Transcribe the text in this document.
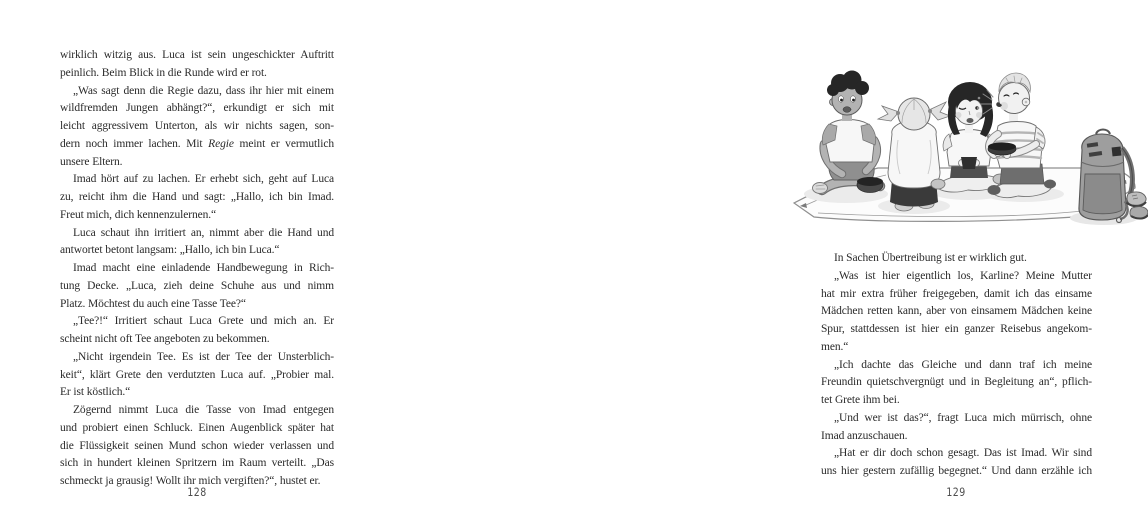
wirklich witzig aus. Luca ist sein ungeschickter Auftritt
peinlich. Beim Blick in die Runde wird er rot.
„Was sagt denn die Regie dazu, dass ihr hier mit einem
wildfremden Jungen abhängt?“, erkundigt er sich mit
leicht aggressivem Unterton, als wir nichts sagen, son-
dern noch immer lachen. Mit Regie meint er vermutlich
unsere Eltern.
Imad hört auf zu lachen. Er erhebt sich, geht auf Luca
zu, reicht ihm die Hand und sagt: „Hallo, ich bin Imad.
Freut mich, dich kennenzulernen.“
Luca schaut ihn irritiert an, nimmt aber die Hand und
antwortet betont langsam: „Hallo, ich bin Luca.“
Imad macht eine einladende Handbewegung in Rich-
tung Decke. „Luca, zieh deine Schuhe aus und nimm
Platz. Möchtest du auch eine Tasse Tee?“
„Tee?!“ Irritiert schaut Luca Grete und mich an. Er
scheint nicht oft Tee angeboten zu bekommen.
„Nicht irgendein Tee. Es ist der Tee der Unsterblich-
keit“, klärt Grete den verdutzten Luca auf. „Probier mal.
Er ist köstlich.“
Zögernd nimmt Luca die Tasse von Imad entgegen
und probiert einen Schluck. Einen Augenblick später hat
die Flüssigkeit seinen Mund schon wieder verlassen und
sich in hundert kleinen Spritzern im Raum verteilt. „Das
schmeckt ja grausig! Wollt ihr mich vergiften?“, hustet er.
128
In Sachen Übertreibung ist er wirklich gut.
„Was ist hier eigentlich los, Karline? Meine Mutter
hat mir extra früher freigegeben, damit ich das einsame
Mädchen retten kann, aber von einsamem Mädchen keine
Spur, stattdessen ist hier ein ganzer Reisebus angekom-
men.“
„Ich dachte das Gleiche und dann traf ich meine
Freundin quietschvergnügt und in Begleitung an“, pflich-
tet Grete ihm bei.
„Und wer ist das?“, fragt Luca mich mürrisch, ohne
Imad anzuschauen.
„Hat er dir doch schon gesagt. Das ist Imad. Wir sind
uns hier gestern zufällig begegnet.“ Und dann erzähle ich
129
